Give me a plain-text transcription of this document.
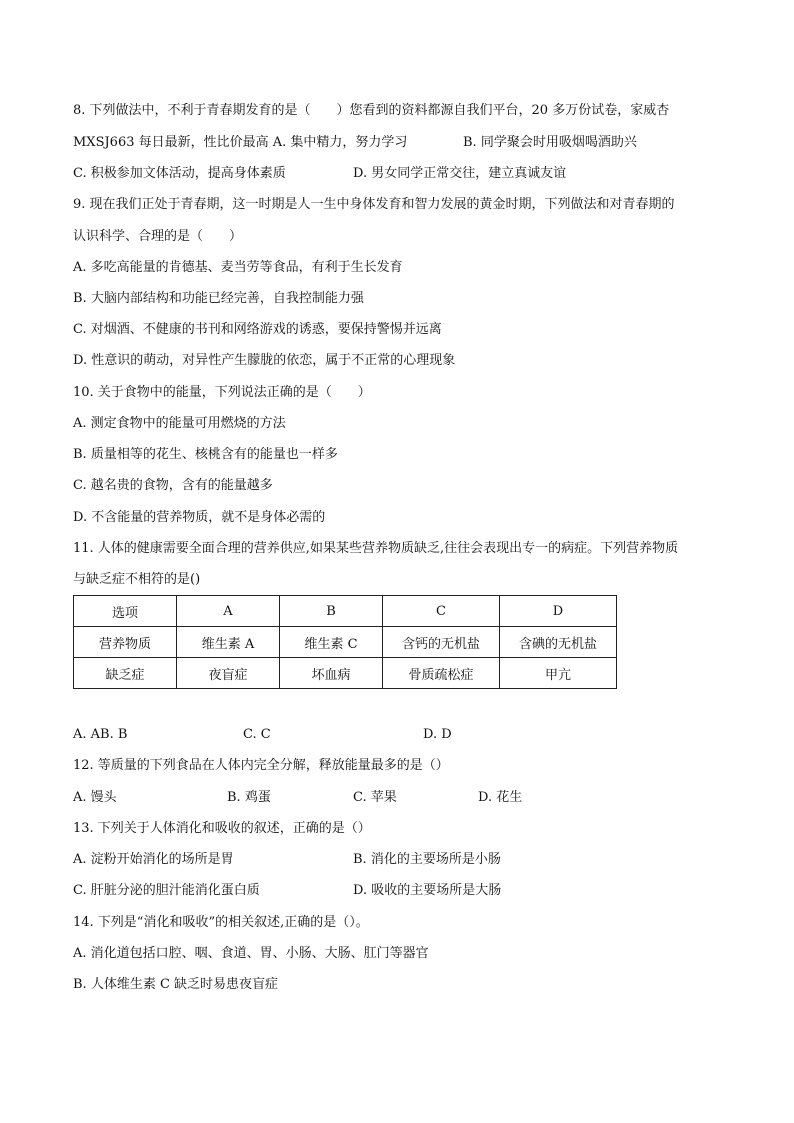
8. 下列做法中，不利于青春期发育的是（　　）您看到的资料都源自我们平台，20 多万份试卷，家威杏
MXSJ663 每日最新，性比价最高 A. 集中精力，努力学习	B. 同学聚会时用吸烟喝酒助兴
C. 积极参加文体活动，提高身体素质	D. 男女同学正常交往，建立真诚友谊
9. 现在我们正处于青春期，这一时期是人一生中身体发育和智力发展的黄金时期，下列做法和对青春期的
认识科学、合理的是（　　）
A. 多吃高能量的肯德基、麦当劳等食品，有利于生长发育
B. 大脑内部结构和功能已经完善，自我控制能力强
C. 对烟酒、不健康的书刊和网络游戏的诱惑，要保持警惕并远离
D. 性意识的萌动，对异性产生朦胧的依恋，属于不正常的心理现象
10. 关于食物中的能量，下列说法正确的是（　　）
A. 测定食物中的能量可用燃烧的方法
B. 质量相等的花生、核桃含有的能量也一样多
C. 越名贵的食物，含有的能量越多
D. 不含能量的营养物质，就不是身体必需的
11. 人体的健康需要全面合理的营养供应,如果某些营养物质缺乏,往往会表现出专一的病症。下列营养物质
与缺乏症不相符的是()
选项	A	B	C	D
营养物质	维生素 A	维生素 C	含钙的无机盐	含碘的无机盐
缺乏症	夜盲症	坏血病	骨质疏松症	甲亢
A. AB. B	C. C	D. D
12. 等质量的下列食品在人体内完全分解，释放能量最多的是（）
A. 馒头	B. 鸡蛋	C. 苹果	D. 花生
13. 下列关于人体消化和吸收的叙述，正确的是（）
A. 淀粉开始消化的场所是胃	B. 消化的主要场所是小肠
C. 肝脏分泌的胆汁能消化蛋白质	D. 吸收的主要场所是大肠
14. 下列是“消化和吸收”的相关叙述,正确的是（）。
A. 消化道包括口腔、咽、食道、胃、小肠、大肠、肛门等器官
B. 人体维生素 C 缺乏时易患夜盲症
